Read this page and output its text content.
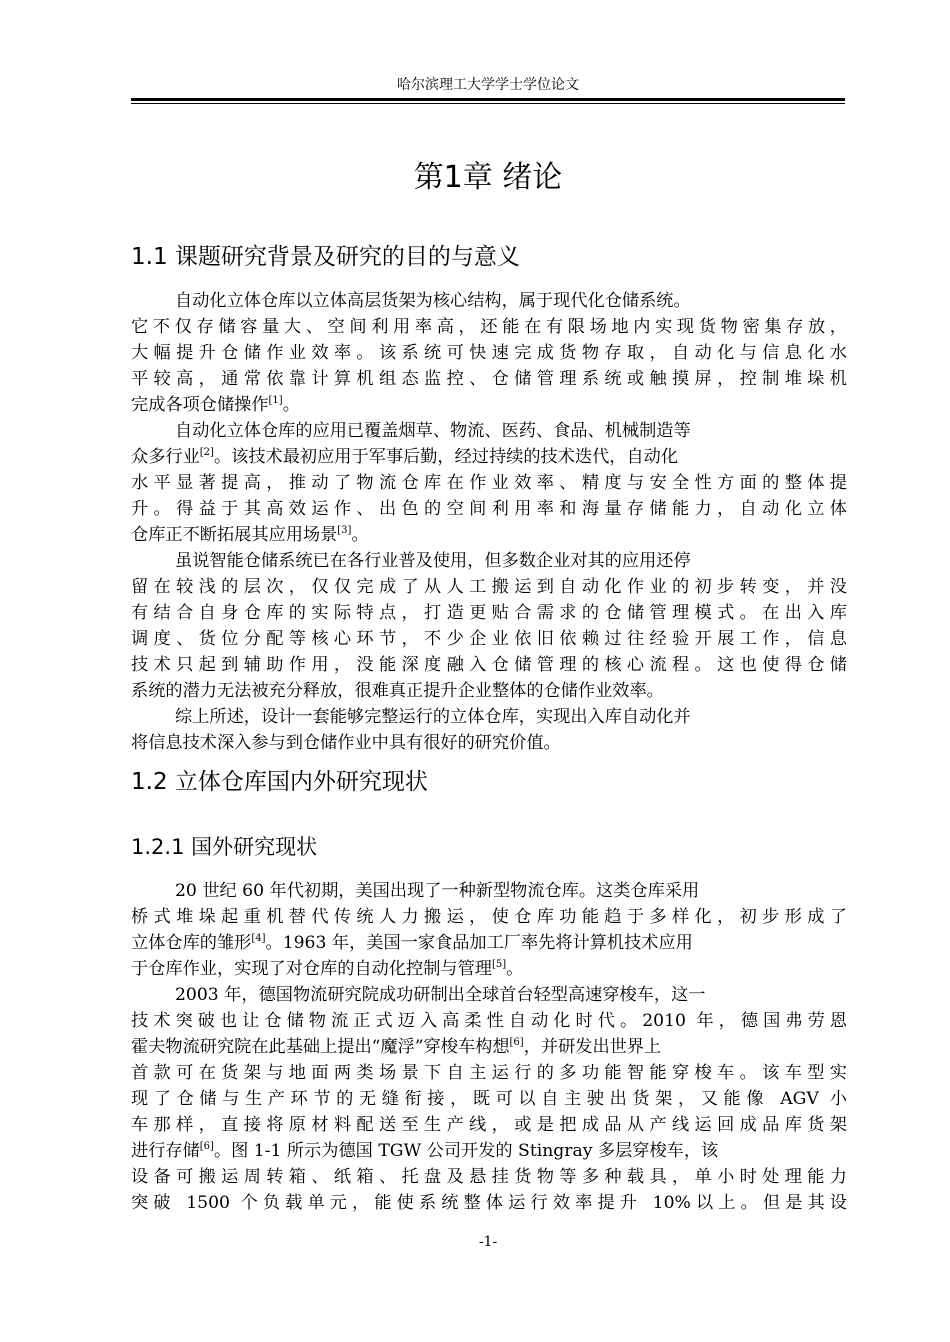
哈尔滨理工大学学士学位论文
第1章 绪论
1.1 课题研究背景及研究的目的与意义
自动化立体仓库以立体高层货架为核心结构，属于现代化仓储系统。
它不仅存储容量大、空间利用率高，还能在有限场地内实现货物密集存放，
大幅提升仓储作业效率。该系统可快速完成货物存取，自动化与信息化水
平较高，通常依靠计算机组态监控、仓储管理系统或触摸屏，控制堆垛机
完成各项仓储操作[1]。
自动化立体仓库的应用已覆盖烟草、物流、医药、食品、机械制造等
众多行业[2]。该技术最初应用于军事后勤，经过持续的技术迭代，自动化
水平显著提高，推动了物流仓库在作业效率、精度与安全性方面的整体提
升。得益于其高效运作、出色的空间利用率和海量存储能力，自动化立体
仓库正不断拓展其应用场景[3]。
虽说智能仓储系统已在各行业普及使用，但多数企业对其的应用还停
留在较浅的层次，仅仅完成了从人工搬运到自动化作业的初步转变，并没
有结合自身仓库的实际特点，打造更贴合需求的仓储管理模式。在出入库
调度、货位分配等核心环节，不少企业依旧依赖过往经验开展工作，信息
技术只起到辅助作用，没能深度融入仓储管理的核心流程。这也使得仓储
系统的潜力无法被充分释放，很难真正提升企业整体的仓储作业效率。
综上所述，设计一套能够完整运行的立体仓库，实现出入库自动化并
将信息技术深入参与到仓储作业中具有很好的研究价值。
1.2 立体仓库国内外研究现状
1.2.1 国外研究现状
20 世纪 60 年代初期，美国出现了一种新型物流仓库。这类仓库采用
桥式堆垛起重机替代传统人力搬运，使仓库功能趋于多样化，初步形成了
立体仓库的雏形[4]。1963 年，美国一家食品加工厂率先将计算机技术应用
于仓库作业，实现了对仓库的自动化控制与管理[5]。
2003 年，德国物流研究院成功研制出全球首台轻型高速穿梭车，这一
技术突破也让仓储物流正式迈入高柔性自动化时代。2010 年，德国弗劳恩
霍夫物流研究院在此基础上提出“魔浮”穿梭车构想[6]，并研发出世界上
首款可在货架与地面两类场景下自主运行的多功能智能穿梭车。该车型实
现了仓储与生产环节的无缝衔接，既可以自主驶出货架，又能像 AGV 小
车那样，直接将原材料配送至生产线，或是把成品从产线运回成品库货架
进行存储[6]。图 1-1 所示为德国 TGW 公司开发的 Stingray 多层穿梭车，该
设备可搬运周转箱、纸箱、托盘及悬挂货物等多种载具，单小时处理能力
突破 1500 个负载单元，能使系统整体运行效率提升 10%以上。但是其设
-1-
